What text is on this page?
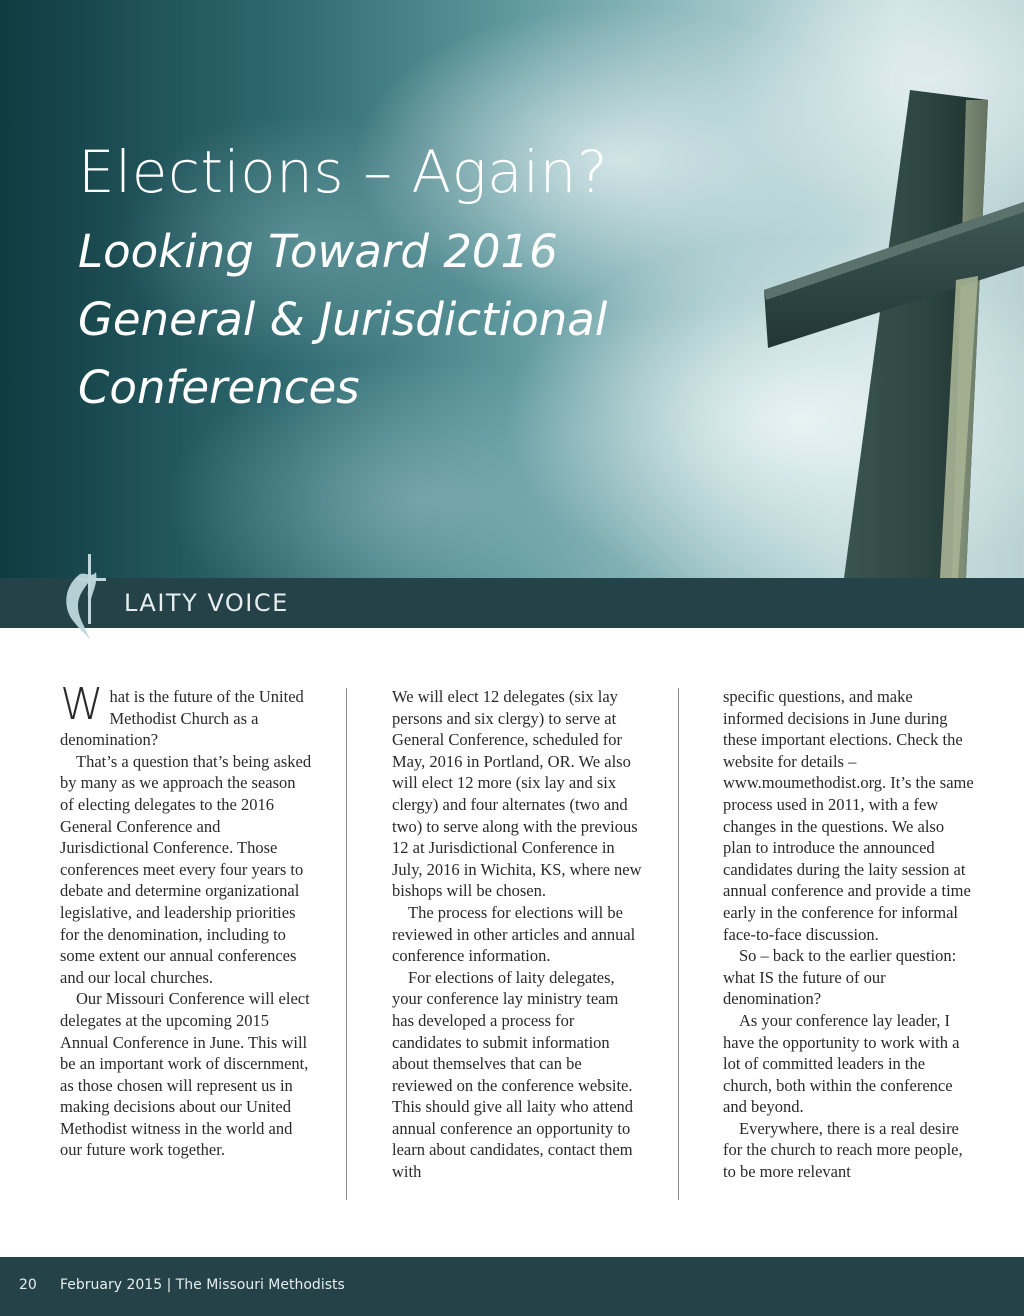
Elections – Again?
Looking Toward 2016 General & Jurisdictional Conferences
LAITY VOICE
W hat is the future of the United Methodist Church as a denomination?

That’s a question that’s being asked by many as we approach the season of electing delegates to the 2016 General Conference and Jurisdictional Conference. Those conferences meet every four years to debate and determine organizational legislative, and leadership priorities for the denomination, including to some extent our annual conferences and our local churches.

Our Missouri Conference will elect delegates at the upcoming 2015 Annual Conference in June. This will be an important work of discernment, as those chosen will represent us in making decisions about our United Methodist witness in the world and our future work together.

We will elect 12 delegates (six lay persons and six clergy) to serve at General Conference, scheduled for May, 2016 in Portland, OR. We also will elect 12 more (six lay and six clergy) and four alternates (two and two) to serve along with the previous 12 at Jurisdictional Conference in July, 2016 in Wichita, KS, where new bishops will be chosen.

The process for elections will be reviewed in other articles and annual conference information.

For elections of laity delegates, your conference lay ministry team has developed a process for candidates to submit information about themselves that can be reviewed on the conference website. This should give all laity who attend annual conference an opportunity to learn about candidates, contact them with

specific questions, and make informed decisions in June during these important elections. Check the website for details – www.moumethodist.org. It’s the same process used in 2011, with a few changes in the questions. We also plan to introduce the announced candidates during the laity session at annual conference and provide a time early in the conference for informal face-to-face discussion.

So – back to the earlier question: what IS the future of our denomination?

As your conference lay leader, I have the opportunity to work with a lot of committed leaders in the church, both within the conference and beyond.

Everywhere, there is a real desire for the church to reach more people, to be more relevant

20 February 2015 | The Missouri Methodists
